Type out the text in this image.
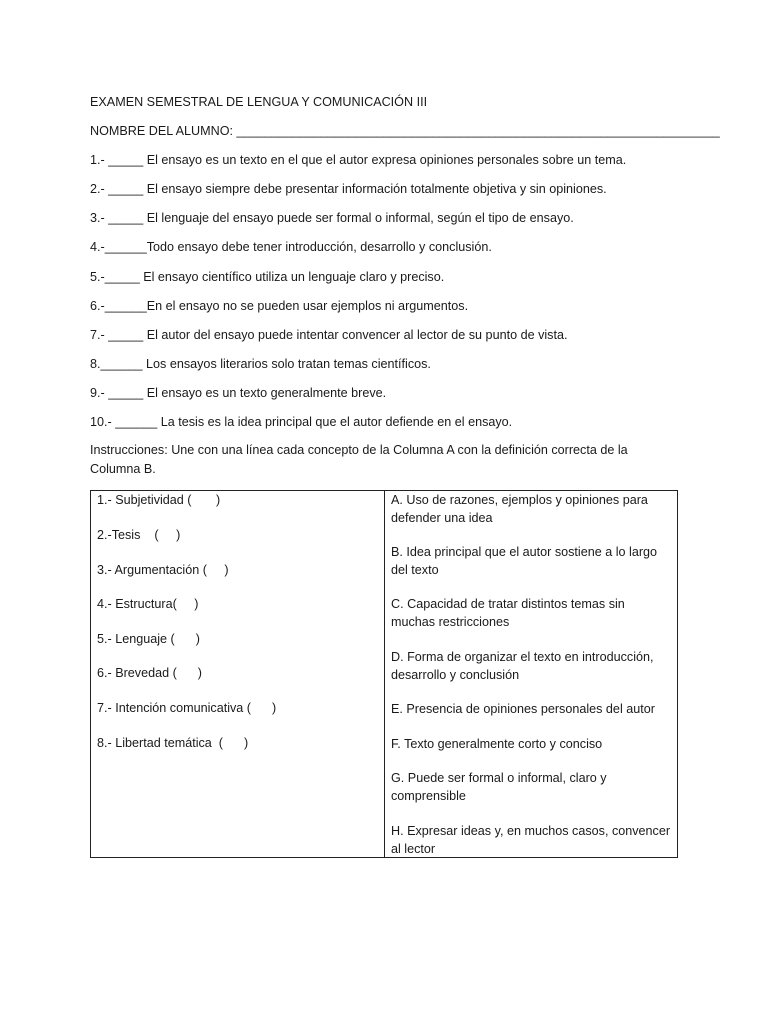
EXAMEN SEMESTRAL DE LENGUA Y COMUNICACIÓN III
NOMBRE DEL ALUMNO: _____________________________________________________________________
1.- _____ El ensayo es un texto en el que el autor expresa opiniones personales sobre un tema.
2.- _____ El ensayo siempre debe presentar información totalmente objetiva y sin opiniones.
3.- _____ El lenguaje del ensayo puede ser formal o informal, según el tipo de ensayo.
4.-______Todo ensayo debe tener introducción, desarrollo y conclusión.
5.-_____ El ensayo científico utiliza un lenguaje claro y preciso.
6.-______En el ensayo no se pueden usar ejemplos ni argumentos.
7.- _____ El autor del ensayo puede intentar convencer al lector de su punto de vista.
8.______ Los ensayos literarios solo tratan temas científicos.
9.- _____ El ensayo es un texto generalmente breve.
10.- ______ La tesis es la idea principal que el autor defiende en el ensayo.
Instrucciones: Une con una línea cada concepto de la Columna A con la definición correcta de la Columna B.
1.- Subjetividad (       )
2.-Tesis    (     )
3.- Argumentación (     )
4.- Estructura(     )
5.- Lenguaje (      )
6.- Brevedad (      )
7.- Intención comunicativa (      )
8.- Libertad temática  (      )

A. Uso de razones, ejemplos y opiniones para defender una idea
B. Idea principal que el autor sostiene a lo largo del texto
C. Capacidad de tratar distintos temas sin muchas restricciones
D. Forma de organizar el texto en introducción, desarrollo y conclusión
E. Presencia de opiniones personales del autor
F. Texto generalmente corto y conciso
G. Puede ser formal o informal, claro y comprensible
H. Expresar ideas y, en muchos casos, convencer al lector
